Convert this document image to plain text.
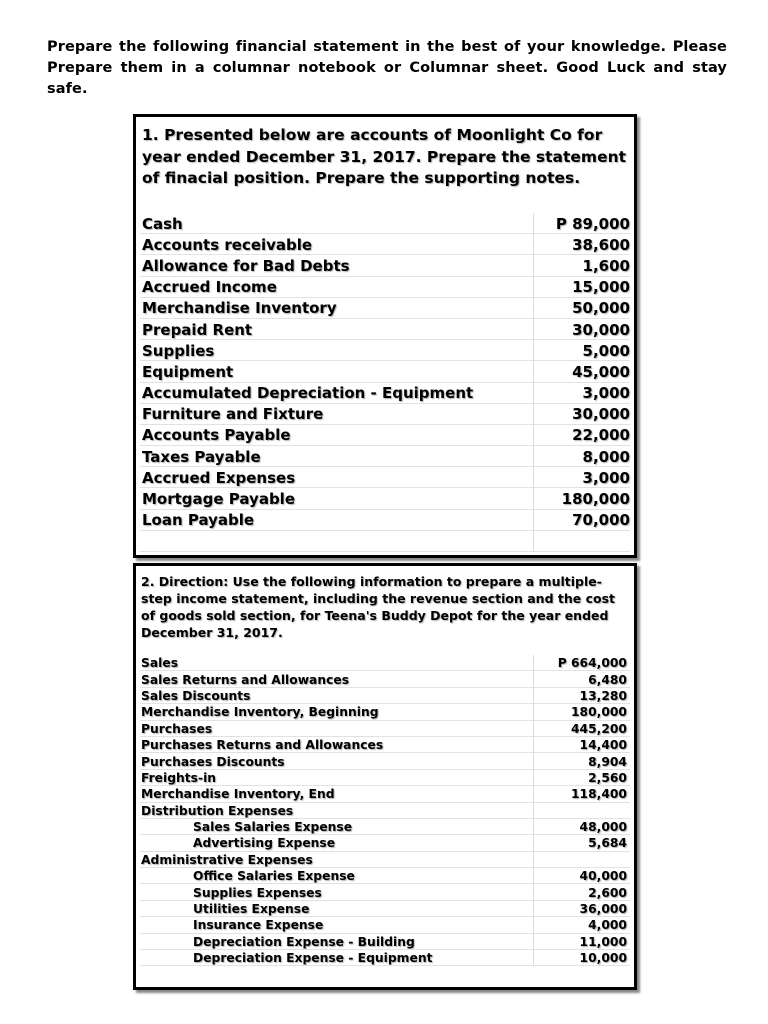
Prepare the following financial statement in the best of your knowledge. Please Prepare them in a columnar notebook or Columnar sheet. Good Luck and stay safe.
1. Presented below are accounts of Moonlight Co for year ended December 31, 2017. Prepare the statement of finacial position. Prepare the supporting notes.
Cash	P 89,000
Accounts receivable	38,600
Allowance for Bad Debts	1,600
Accrued Income	15,000
Merchandise Inventory	50,000
Prepaid Rent	30,000
Supplies	5,000
Equipment	45,000
Accumulated Depreciation - Equipment	3,000
Furniture and Fixture	30,000
Accounts Payable	22,000
Taxes Payable	8,000
Accrued Expenses	3,000
Mortgage Payable	180,000
Loan Payable	70,000
2. Direction: Use the following information to prepare a multiple-step income statement, including the revenue section and the cost of goods sold section, for Teena's Buddy Depot for the year ended December 31, 2017.
Sales	P 664,000
Sales Returns and Allowances	6,480
Sales Discounts	13,280
Merchandise Inventory, Beginning	180,000
Purchases	445,200
Purchases Returns and Allowances	14,400
Purchases Discounts	8,904
Freights-in	2,560
Merchandise Inventory, End	118,400
Distribution Expenses
Sales Salaries Expense	48,000
Advertising Expense	5,684
Administrative Expenses
Office Salaries Expense	40,000
Supplies Expenses	2,600
Utilities Expense	36,000
Insurance Expense	4,000
Depreciation Expense - Building	11,000
Depreciation Expense - Equipment	10,000
